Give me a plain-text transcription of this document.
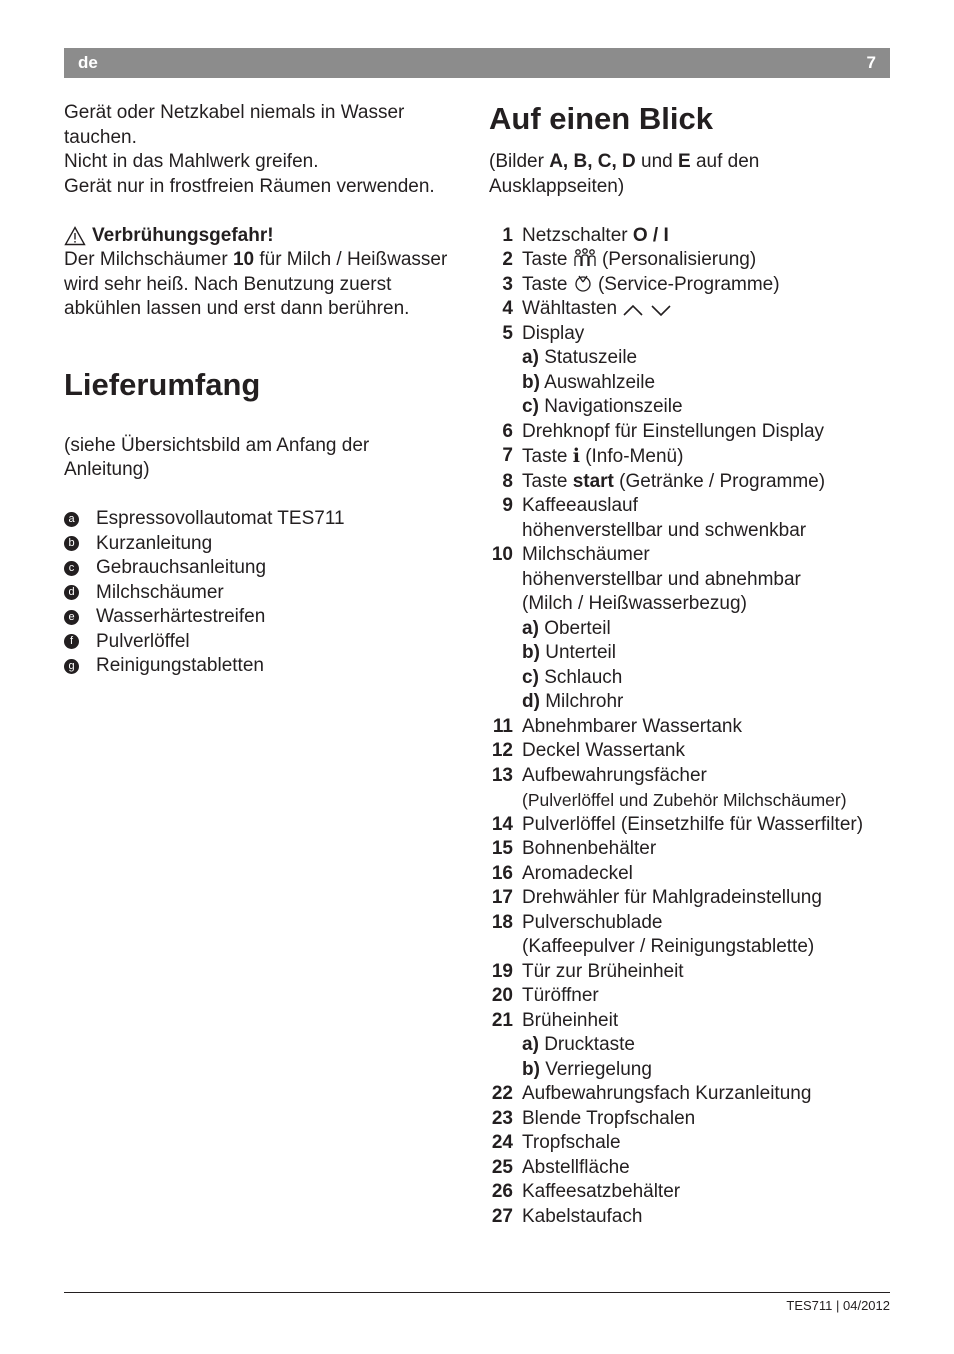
de	7

Gerät oder Netzkabel niemals in Wasser

tauchen.

Nicht in das Mahlwerk greifen.

Gerät nur in frostfreien Räumen verwenden.

Verbrühungsgefahr!

Der Milchschäumer 10 für Milch / Heißwasser

wird sehr heiß. Nach Benutzung zuerst

abkühlen lassen und erst dann berühren.

Lieferumfang

(siehe Übersichtsbild am Anfang der

Anleitung)

a Espressovollautomat TES711
b Kurzanleitung
c Gebrauchsanleitung
d Milchschäumer
e Wasserhärtestreifen
f	Pulverlöffel
g Reinigungstabletten
Auf einen Blick

(Bilder A, B, C, D und E auf den

Ausklappseiten)

1 Netzschalter O / I
2 Taste  (Personalisierung)
3 Taste  (Service-Programme)
4 Wähltasten
5 Display
a) Statuszeile
b) Auswahlzeile
c) Navigationszeile
6 Drehknopf für Einstellungen Display
7 Taste i (Info-Menü)
8 Taste start (Getränke / Programme)
9 Kaffeeauslauf
höhenverstellbar und schwenkbar
10 Milchschäumer
höhenverstellbar und abnehmbar
(Milch / Heißwasserbezug)
a) Oberteil
b) Unterteil
c) Schlauch
d) Milchrohr
11 Abnehmbarer Wassertank
12 Deckel Wassertank
13 Aufbewahrungsfächer
(Pulverlöffel und Zubehör Milchschäumer)
14 Pulverlöffel (Einsetzhilfe für Wasserfilter)
15 Bohnenbehälter
16 Aromadeckel
17 Drehwähler für Mahlgradeinstellung
18 Pulverschublade
(Kaffeepulver / Reinigungstablette)
19 Tür zur Brüheinheit
20 Türöffner
21 Brüheinheit
a) Drucktaste
b) Verriegelung
22 Aufbewahrungsfach Kurzanleitung
23 Blende Tropfschalen
24 Tropfschale
25 Abstellfläche
26 Kaffeesatzbehälter
27 Kabelstaufach
TES711 | 04/2012
